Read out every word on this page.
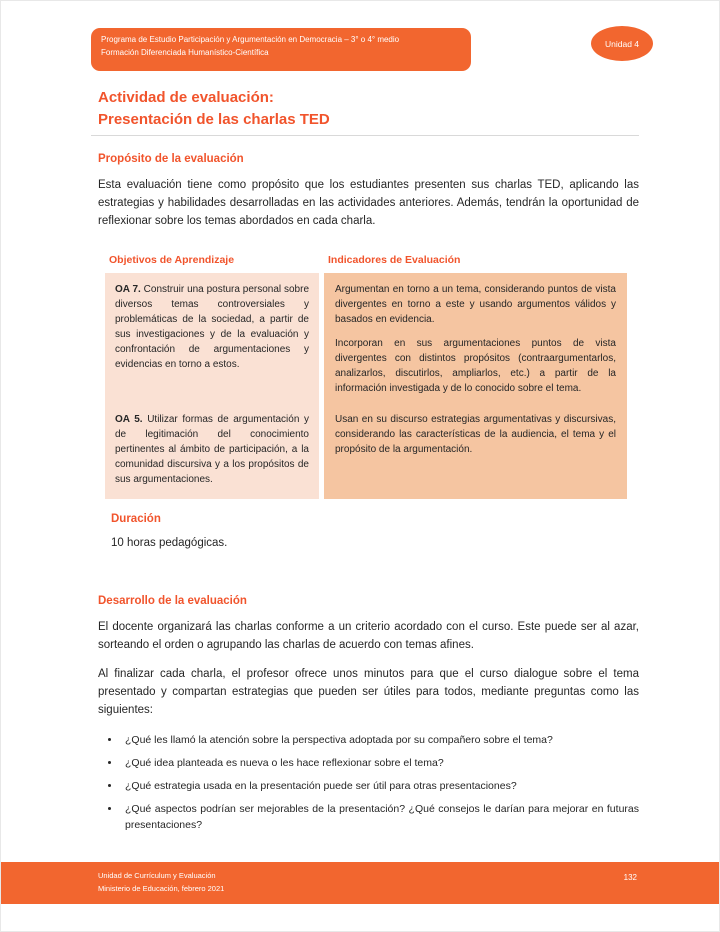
Programa de Estudio Participación y Argumentación en Democracia – 3° o 4° medio
Formación Diferenciada Humanístico-Científica
Unidad 4
Actividad de evaluación:
Presentación de las charlas TED
Propósito de la evaluación

Esta evaluación tiene como propósito que los estudiantes presenten sus charlas TED, aplicando las estrategias y habilidades desarrolladas en las actividades anteriores. Además, tendrán la oportunidad de reflexionar sobre los temas abordados en cada charla.

Objetivos de Aprendizaje	Indicadores de Evaluación

OA 7. Construir una postura personal sobre diversos temas controversiales y problemáticas de la sociedad, a partir de sus investigaciones y de la evaluación y confrontación de argumentaciones y evidencias en torno a estos.

Argumentan en torno a un tema, considerando puntos de vista divergentes en torno a este y usando argumentos válidos y basados en evidencia.

Incorporan en sus argumentaciones puntos de vista divergentes con distintos propósitos (contraargumentarlos, analizarlos, discutirlos, ampliarlos, etc.) a partir de la información investigada y de lo conocido sobre el tema.

OA 5. Utilizar formas de argumentación y de legitimación del conocimiento pertinentes al ámbito de participación, a la comunidad discursiva y a los propósitos de sus argumentaciones.

Usan en su discurso estrategias argumentativas y discursivas, considerando las características de la audiencia, el tema y el propósito de la argumentación.

Duración

10 horas pedagógicas.

Desarrollo de la evaluación

El docente organizará las charlas conforme a un criterio acordado con el curso. Este puede ser al azar, sorteando el orden o agrupando las charlas de acuerdo con temas afines.

Al finalizar cada charla, el profesor ofrece unos minutos para que el curso dialogue sobre el tema presentado y compartan estrategias que pueden ser útiles para todos, mediante preguntas como las siguientes:

• ¿Qué les llamó la atención sobre la perspectiva adoptada por su compañero sobre el tema?
• ¿Qué idea planteada es nueva o les hace reflexionar sobre el tema?
• ¿Qué estrategia usada en la presentación puede ser útil para otras presentaciones?
• ¿Qué aspectos podrían ser mejorables de la presentación? ¿Qué consejos le darían para mejorar en futuras presentaciones?
Unidad de Currículum y Evaluación
Ministerio de Educación, febrero 2021
132
